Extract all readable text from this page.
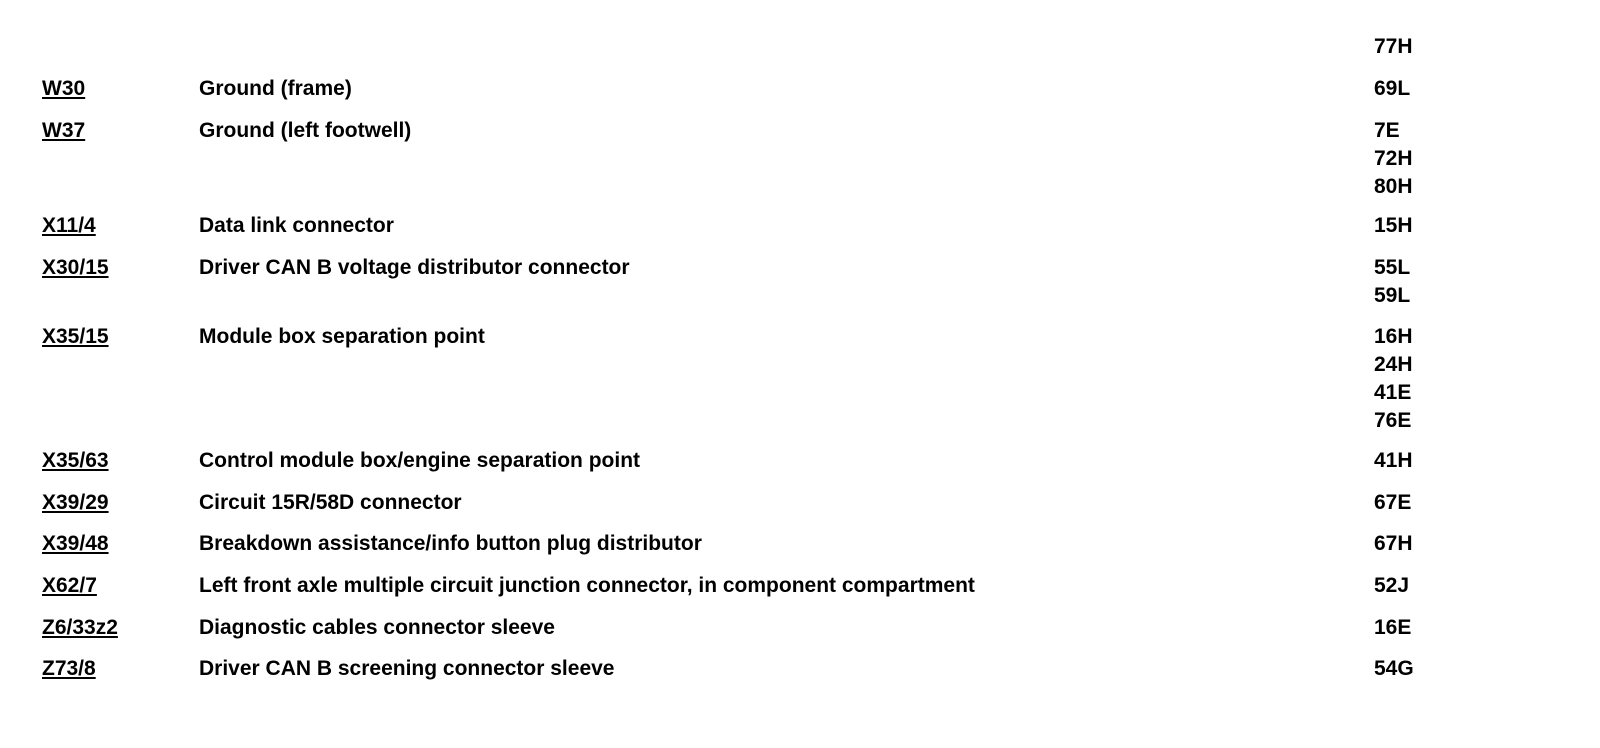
77H
W30	Ground (frame)	69L
W37	Ground (left footwell)	7E
72H
80H
X11/4	Data link connector	15H
X30/15	Driver CAN B voltage distributor connector	55L
59L
X35/15	Module box separation point	16H
24H
41E
76E
X35/63	Control module box/engine separation point	41H
X39/29	Circuit 15R/58D connector	67E
X39/48	Breakdown assistance/info button plug distributor	67H
X62/7	Left front axle multiple circuit junction connector, in component compartment	52J
Z6/33z2	Diagnostic cables connector sleeve	16E
Z73/8	Driver CAN B screening connector sleeve	54G
